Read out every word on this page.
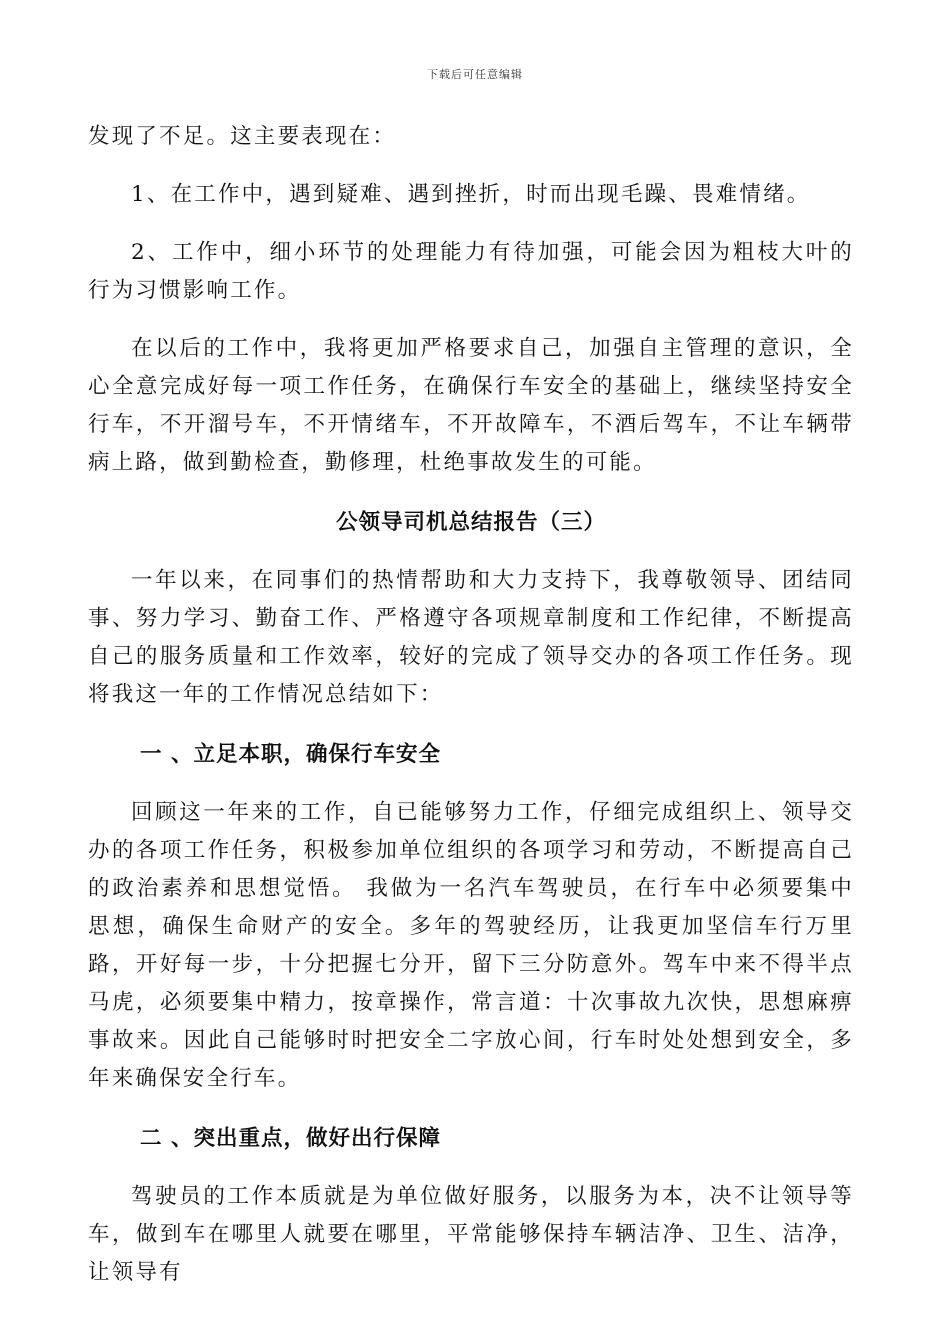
下载后可任意编辑

发现了不足。这主要表现在：

1、在工作中，遇到疑难、遇到挫折，时而出现毛躁、畏难情绪。

2、工作中，细小环节的处理能力有待加强，可能会因为粗枝大叶的行为习惯影响工作。

在以后的工作中，我将更加严格要求自己，加强自主管理的意识，全心全意完成好每一项工作任务，在确保行车安全的基础上，继续坚持安全行车，不开溜号车，不开情绪车，不开故障车，不酒后驾车，不让车辆带病上路，做到勤检查，勤修理，杜绝事故发生的可能。

公领导司机总结报告（三）

一年以来，在同事们的热情帮助和大力支持下，我尊敬领导、团结同事、努力学习、勤奋工作、严格遵守各项规章制度和工作纪律，不断提高自己的服务质量和工作效率，较好的完成了领导交办的各项工作任务。现将我这一年的工作情况总结如下：

一 、立足本职，确保行车安全

回顾这一年来的工作，自已能够努力工作，仔细完成组织上、领导交办的各项工作任务，积极参加单位组织的各项学习和劳动，不断提高自己的政治素养和思想觉悟。 我做为一名汽车驾驶员，在行车中必须要集中思想，确保生命财产的安全。多年的驾驶经历，让我更加坚信车行万里路，开好每一步，十分把握七分开，留下三分防意外。驾车中来不得半点马虎，必须要集中精力，按章操作，常言道：十次事故九次快，思想麻痹事故来。因此自己能够时时把安全二字放心间，行车时处处想到安全，多年来确保安全行车。

二 、突出重点，做好出行保障

驾驶员的工作本质就是为单位做好服务，以服务为本，决不让领导等车，做到车在哪里人就要在哪里，平常能够保持车辆洁净、卫生、洁净，让领导有
